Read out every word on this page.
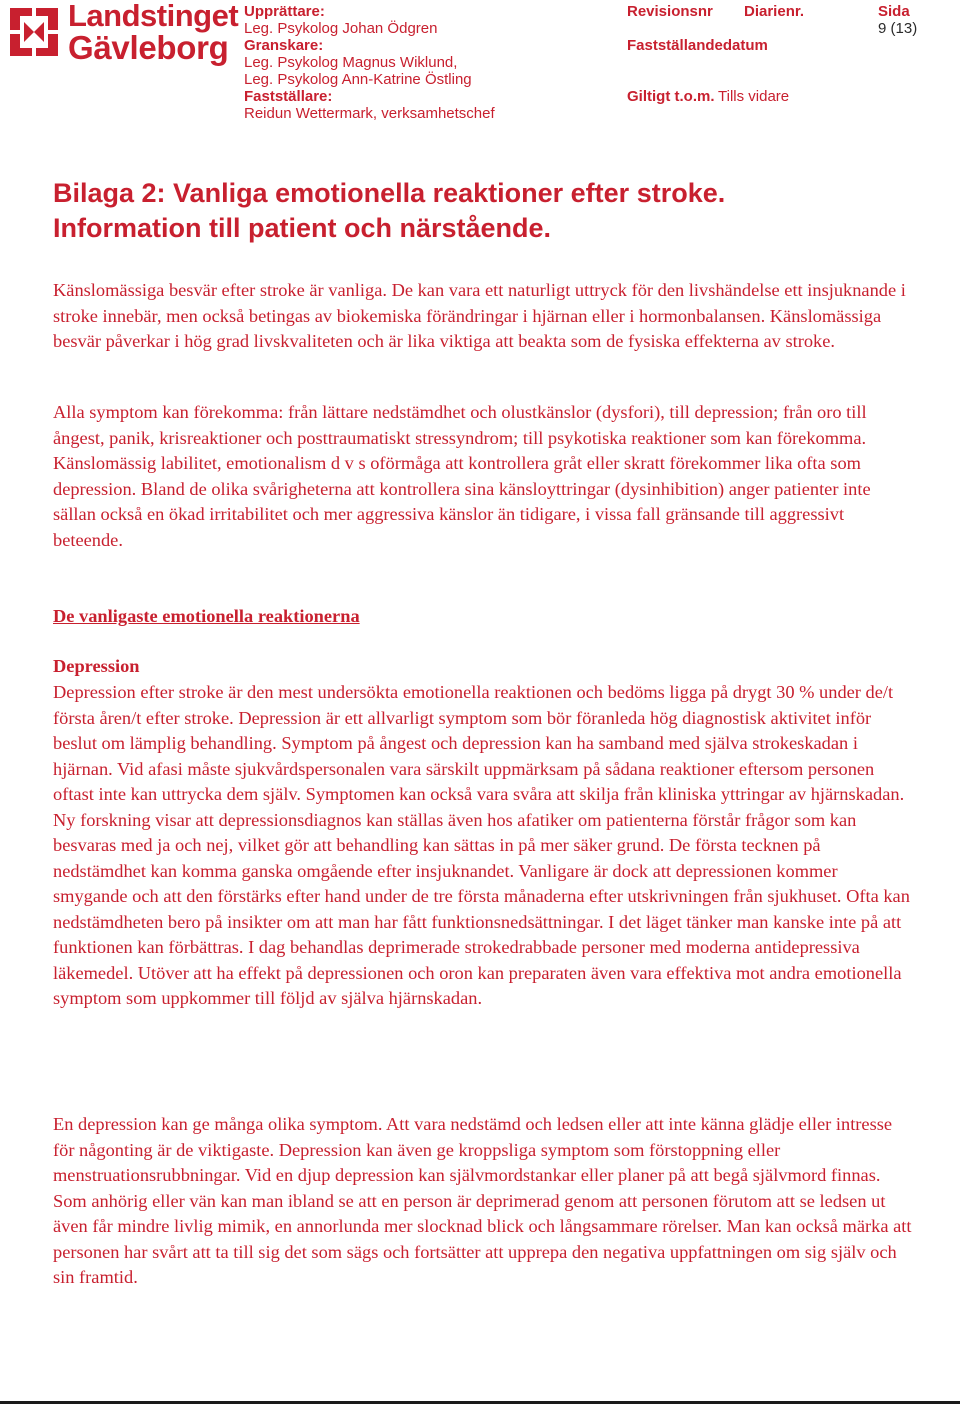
Landstinget
Gävleborg
Upprättare:
Leg. Psykolog Johan Ödgren
Granskare:
Leg. Psykolog Magnus Wiklund,
Leg. Psykolog Ann-Katrine Östling
Fastställare:
Reidun Wettermark, verksamhetschef
Revisionsnr Diarienr.
Fastställandedatum
Giltigt t.o.m. Tills vidare
Sida
9 (13)
Bilaga 2: Vanliga emotionella reaktioner efter stroke.
Information till patient och närstående.

Känslomässiga besvär efter stroke är vanliga. De kan vara ett naturligt uttryck för den livshändelse ett insjuknande i stroke innebär, men också betingas av biokemiska förändringar i hjärnan eller i hormonbalansen. Känslomässiga besvär påverkar i hög grad livskvaliteten och är lika viktiga att beakta som de fysiska effekterna av stroke.

Alla symptom kan förekomma: från lättare nedstämdhet och olustkänslor (dysfori), till depression; från oro till ångest, panik, krisreaktioner och posttraumatiskt stressyndrom; till psykotiska reaktioner som kan förekomma. Känslomässig labilitet, emotionalism d v s oförmåga att kontrollera gråt eller skratt förekommer lika ofta som depression. Bland de olika svårigheterna att kontrollera sina känsloyttringar (dysinhibition) anger patienter inte sällan också en ökad irritabilitet och mer aggressiva känslor än tidigare, i vissa fall gränsande till aggressivt beteende.

De vanligaste emotionella reaktionerna

Depression

Depression efter stroke är den mest undersökta emotionella reaktionen och bedöms ligga på drygt 30 % under de/t första åren/t efter stroke. Depression är ett allvarligt symptom som bör föranleda hög diagnostisk aktivitet inför beslut om lämplig behandling. Symptom på ångest och depression kan ha samband med själva strokeskadan i hjärnan. Vid afasi måste sjukvårdspersonalen vara särskilt uppmärksam på sådana reaktioner eftersom personen oftast inte kan uttrycka dem själv. Symptomen kan också vara svåra att skilja från kliniska yttringar av hjärnskadan. Ny forskning visar att depressionsdiagnos kan ställas även hos afatiker om patienterna förstår frågor som kan besvaras med ja och nej, vilket gör att behandling kan sättas in på mer säker grund. De första tecknen på nedstämdhet kan komma ganska omgående efter insjuknandet. Vanligare är dock att depressionen kommer smygande och att den förstärks efter hand under de tre första månaderna efter utskrivningen från sjukhuset. Ofta kan nedstämdheten bero på insikter om att man har fått funktionsnedsättningar. I det läget tänker man kanske inte på att funktionen kan förbättras. I dag behandlas deprimerade strokedrabbade personer med moderna antidepressiva läkemedel. Utöver att ha effekt på depressionen och oron kan preparaten även vara effektiva mot andra emotionella symptom som uppkommer till följd av själva hjärnskadan.

En depression kan ge många olika symptom. Att vara nedstämd och ledsen eller att inte känna glädje eller intresse för någonting är de viktigaste. Depression kan även ge kroppsliga symptom som förstoppning eller menstruationsrubbningar. Vid en djup depression kan självmordstankar eller planer på att begå självmord finnas. Som anhörig eller vän kan man ibland se att en person är deprimerad genom att personen förutom att se ledsen ut även får mindre livlig mimik, en annorlunda mer slocknad blick och långsammare rörelser. Man kan också märka att personen har svårt att ta till sig det som sägs och fortsätter att upprepa den negativa uppfattningen om sig själv och sin framtid.
